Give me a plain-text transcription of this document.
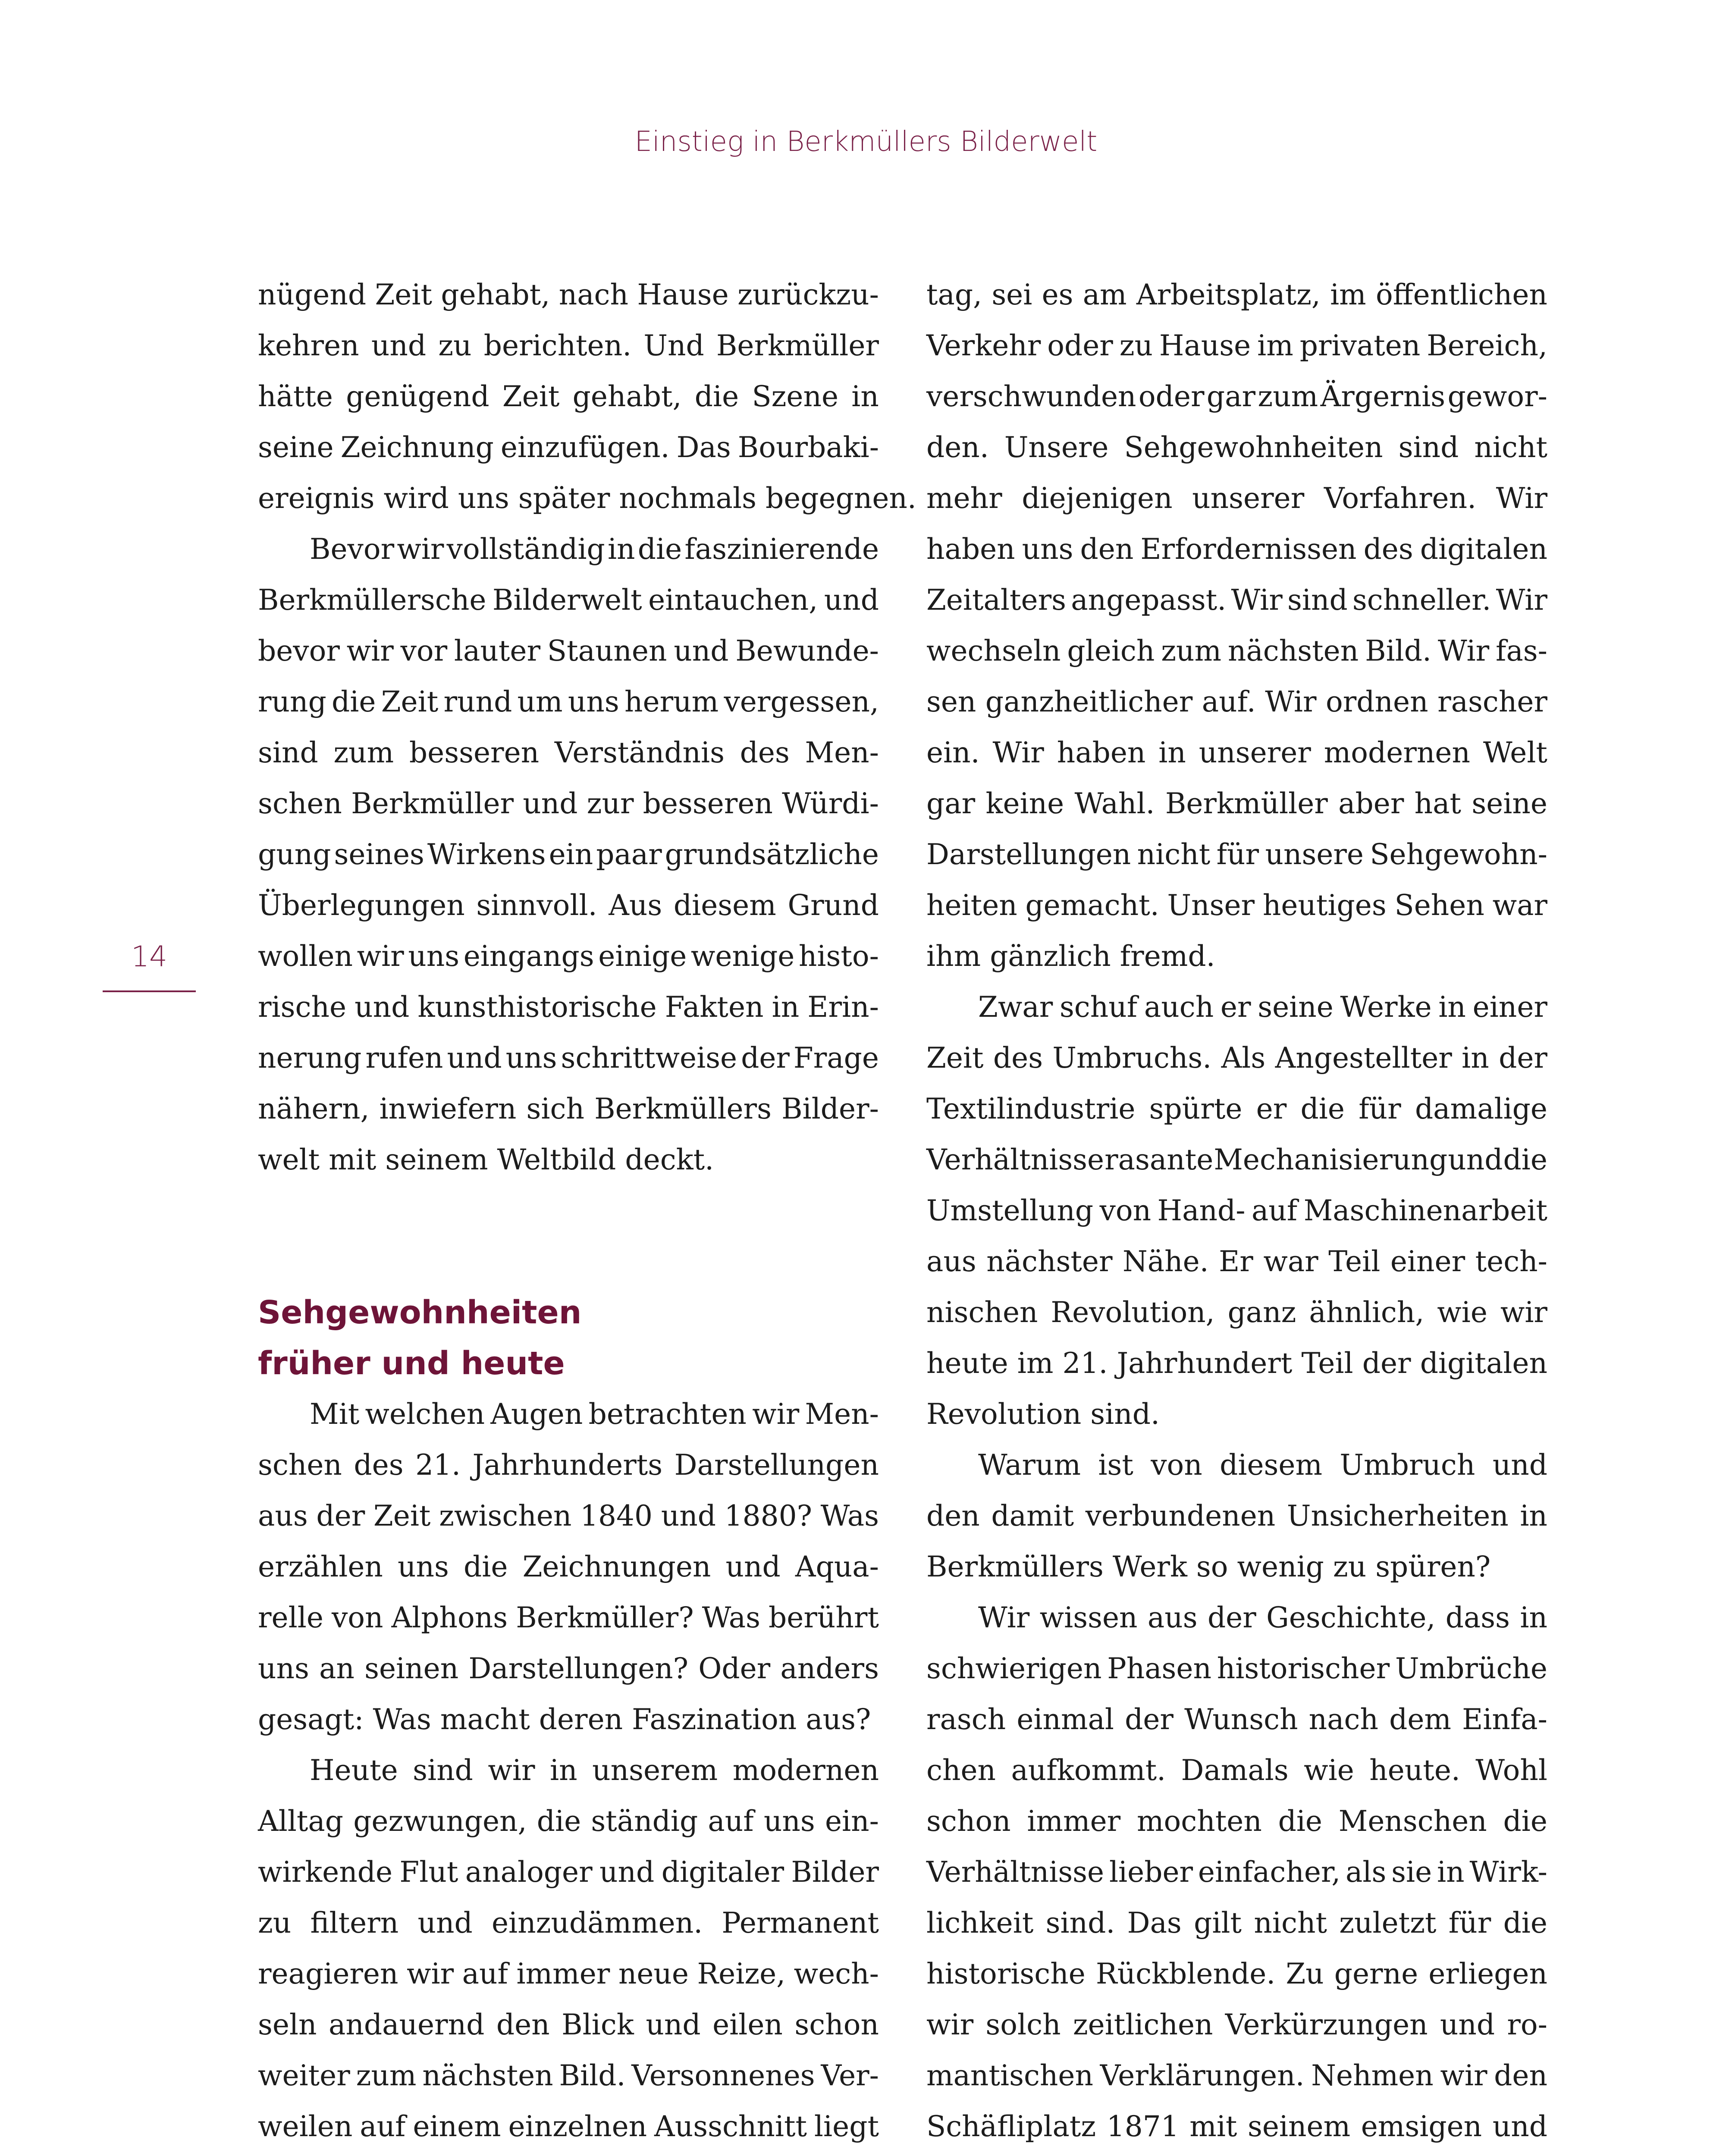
Einstieg in Berkmüllers Bilderwelt
14
nügend Zeit gehabt, nach Hause zurückzu-
kehren und zu berichten. Und Berkmüller
hätte genügend Zeit gehabt, die Szene in
seine Zeichnung einzufügen. Das Bourbaki-
ereignis wird uns später nochmals begegnen.
Bevor wir vollständig in die faszinierende
Berkmüllersche Bilderwelt eintauchen, und
bevor wir vor lauter Staunen und Bewunde-
rung die Zeit rund um uns herum vergessen,
sind zum besseren Verständnis des Men-
schen Berkmüller und zur besseren Würdi-
gung seines Wirkens ein paar grundsätzliche
Überlegungen sinnvoll. Aus diesem Grund
wollen wir uns eingangs einige wenige histo-
rische und kunsthistorische Fakten in Erin-
nerung rufen und uns schrittweise der Frage
nähern, inwiefern sich Berkmüllers Bilder-
welt mit seinem Weltbild deckt.
Sehgewohnheiten
früher und heute
Mit welchen Augen betrachten wir Men-
schen des 21. Jahrhunderts Darstellungen
aus der Zeit zwischen 1840 und 1880? Was
erzählen uns die Zeichnungen und Aqua-
relle von Alphons Berkmüller? Was berührt
uns an seinen Darstellungen? Oder anders
gesagt: Was macht deren Faszination aus?
Heute sind wir in unserem modernen
Alltag gezwungen, die ständig auf uns ein-
wirkende Flut analoger und digitaler Bilder
zu filtern und einzudämmen. Permanent
reagieren wir auf immer neue Reize, wech-
seln andauernd den Blick und eilen schon
weiter zum nächsten Bild. Versonnenes Ver-
weilen auf einem einzelnen Ausschnitt liegt
tag, sei es am Arbeitsplatz, im öffentlichen
Verkehr oder zu Hause im privaten Bereich,
verschwunden oder gar zum Ärgernis gewor-
den. Unsere Sehgewohnheiten sind nicht
mehr diejenigen unserer Vorfahren. Wir
haben uns den Erfordernissen des digitalen
Zeitalters angepasst. Wir sind schneller. Wir
wechseln gleich zum nächsten Bild. Wir fas-
sen ganzheitlicher auf. Wir ordnen rascher
ein. Wir haben in unserer modernen Welt
gar keine Wahl. Berkmüller aber hat seine
Darstellungen nicht für unsere Sehgewohn-
heiten gemacht. Unser heutiges Sehen war
ihm gänzlich fremd.
Zwar schuf auch er seine Werke in einer
Zeit des Umbruchs. Als Angestellter in der
Textilindustrie spürte er die für damalige
Verhältnisse rasante Mechanisierung und die
Umstellung von Hand- auf Maschinenarbeit
aus nächster Nähe. Er war Teil einer tech-
nischen Revolution, ganz ähnlich, wie wir
heute im 21. Jahrhundert Teil der digitalen
Revolution sind.
Warum ist von diesem Umbruch und
den damit verbundenen Unsicherheiten in
Berkmüllers Werk so wenig zu spüren?
Wir wissen aus der Geschichte, dass in
schwierigen Phasen historischer Umbrüche
rasch einmal der Wunsch nach dem Einfa-
chen aufkommt. Damals wie heute. Wohl
schon immer mochten die Menschen die
Verhältnisse lieber einfacher, als sie in Wirk-
lichkeit sind. Das gilt nicht zuletzt für die
historische Rückblende. Zu gerne erliegen
wir solch zeitlichen Verkürzungen und ro-
mantischen Verklärungen. Nehmen wir den
Schäfliplatz 1871 mit seinem emsigen und
